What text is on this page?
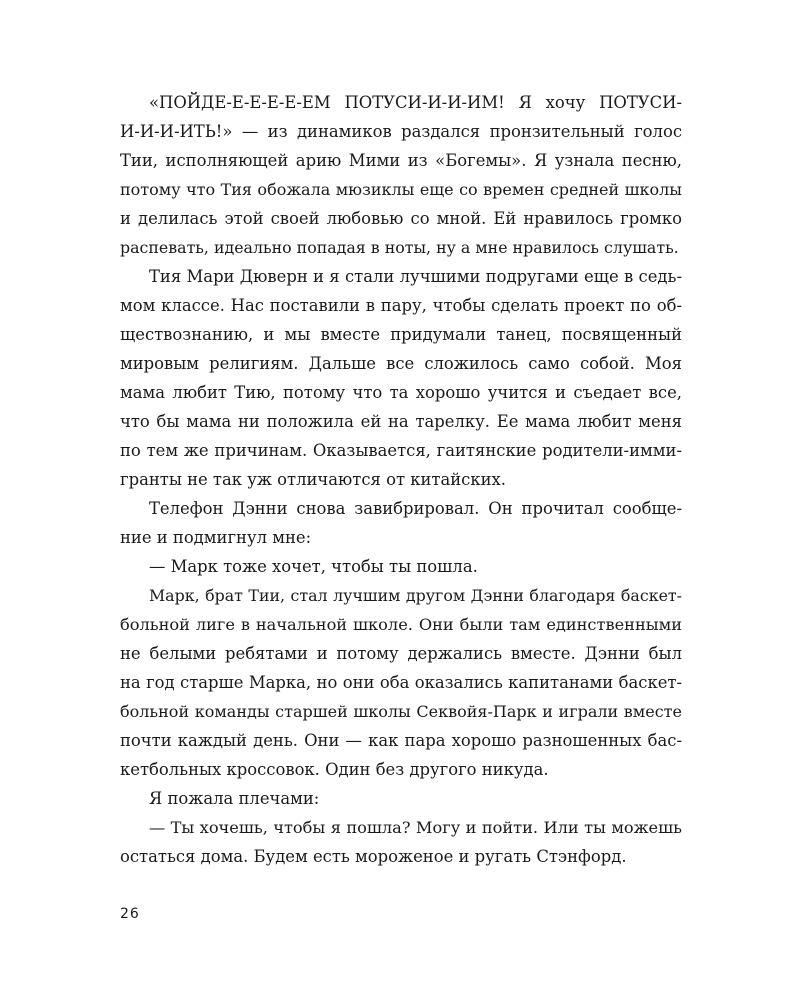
«ПОЙДЕ-Е-Е-Е-Е-ЕМ ПОТУСИ-И-И-ИМ! Я хочу ПОТУСИ-
И-И-И-ИТЬ!» — из динамиков раздался пронзительный голос
Тии, исполняющей арию Мими из «Богемы». Я узнала песню,
потому что Тия обожала мюзиклы еще со времен средней школы
и делилась этой своей любовью со мной. Ей нравилось громко
распевать, идеально попадая в ноты, ну а мне нравилось слушать.
Тия Мари Дюверн и я стали лучшими подругами еще в седь-
мом классе. Нас поставили в пару, чтобы сделать проект по об-
ществознанию, и мы вместе придумали танец, посвященный
мировым религиям. Дальше все сложилось само собой. Моя
мама любит Тию, потому что та хорошо учится и съедает все,
что бы мама ни положила ей на тарелку. Ее мама любит меня
по тем же причинам. Оказывается, гаитянские родители-имми-
гранты не так уж отличаются от китайских.
Телефон Дэнни снова завибрировал. Он прочитал сообще-
ние и подмигнул мне:
— Марк тоже хочет, чтобы ты пошла.
Марк, брат Тии, стал лучшим другом Дэнни благодаря баскет-
больной лиге в начальной школе. Они были там единственными
не белыми ребятами и потому держались вместе. Дэнни был
на год старше Марка, но они оба оказались капитанами баскет-
больной команды старшей школы Секвойя-Парк и играли вместе
почти каждый день. Они — как пара хорошо разношенных бас-
кетбольных кроссовок. Один без другого никуда.
Я пожала плечами:
— Ты хочешь, чтобы я пошла? Могу и пойти. Или ты можешь
остаться дома. Будем есть мороженое и ругать Стэнфорд.
26
